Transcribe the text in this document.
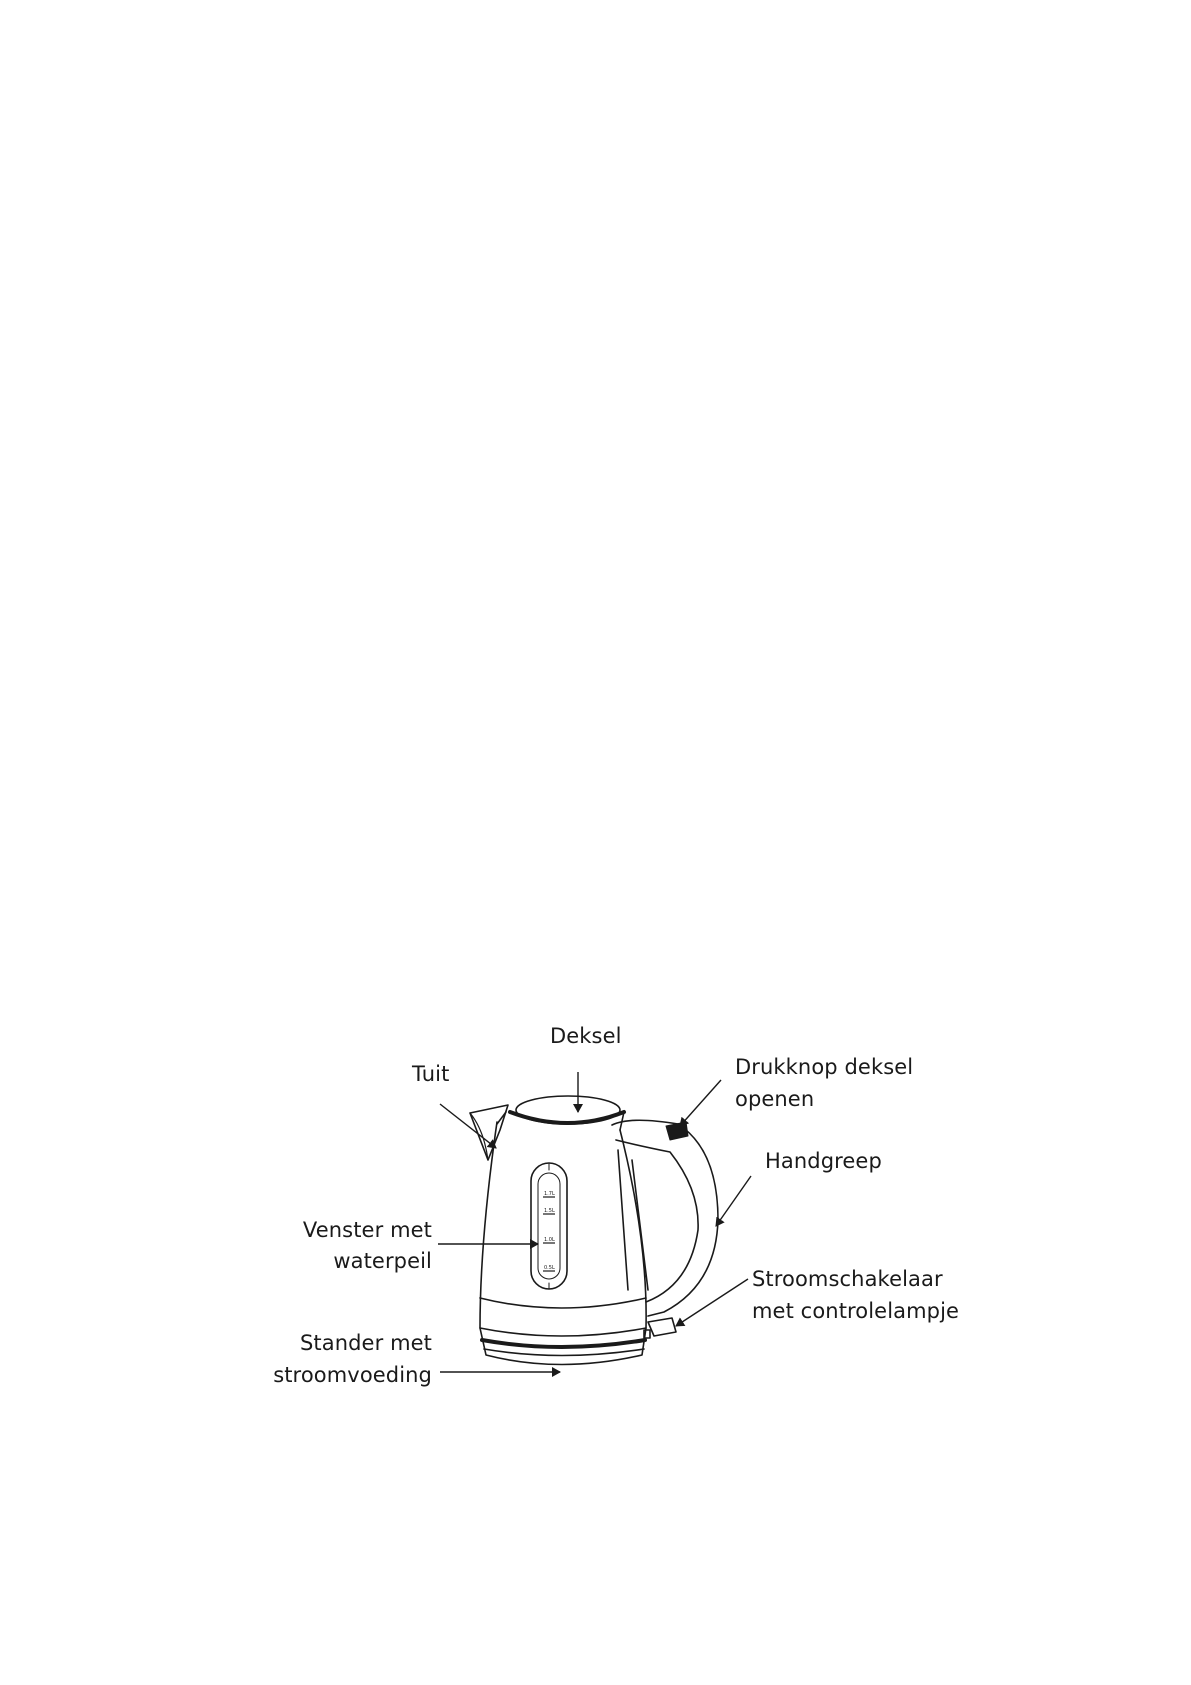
1.7L
1.5L
1.0L
0.5L
Deksel
Tuit	Drukknop deksel
openen
Handgreep
Venster met
waterpeil
Stroomschakelaar
met controlelampje
Stander met
stroomvoeding
